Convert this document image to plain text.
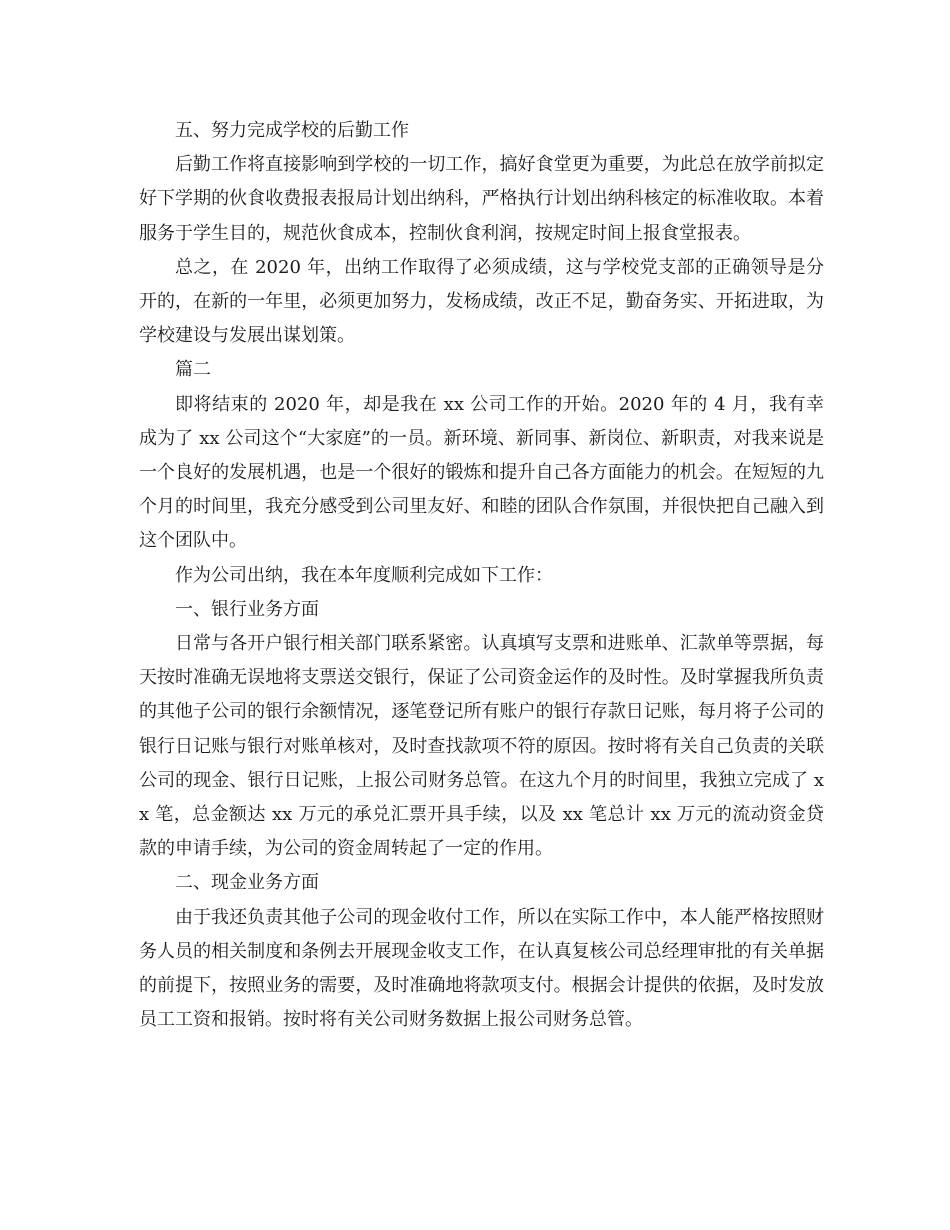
五、努力完成学校的后勤工作

后勤工作将直接影响到学校的一切工作，搞好食堂更为重要，为此总在放学前拟定好下学期的伙食收费报表报局计划出纳科，严格执行计划出纳科核定的标准收取。本着服务于学生目的，规范伙食成本，控制伙食利润，按规定时间上报食堂报表。

总之，在 2020 年，出纳工作取得了必须成绩，这与学校党支部的正确领导是分开的，在新的一年里，必须更加努力，发杨成绩，改正不足，勤奋务实、开拓进取，为学校建设与发展出谋划策。

篇二

即将结束的 2020 年，却是我在 xx 公司工作的开始。2020 年的 4 月，我有幸成为了 xx 公司这个“大家庭”的一员。新环境、新同事、新岗位、新职责，对我来说是一个良好的发展机遇，也是一个很好的锻炼和提升自己各方面能力的机会。在短短的九个月的时间里，我充分感受到公司里友好、和睦的团队合作氛围，并很快把自己融入到这个团队中。

作为公司出纳，我在本年度顺利完成如下工作：

一、银行业务方面

日常与各开户银行相关部门联系紧密。认真填写支票和进账单、汇款单等票据，每天按时准确无误地将支票送交银行，保证了公司资金运作的及时性。及时掌握我所负责的其他子公司的银行余额情况，逐笔登记所有账户的银行存款日记账，每月将子公司的银行日记账与银行对账单核对，及时查找款项不符的原因。按时将有关自己负责的关联公司的现金、银行日记账，上报公司财务总管。在这九个月的时间里，我独立完成了 xx 笔，总金额达 xx 万元的承兑汇票开具手续，以及 xx 笔总计 xx 万元的流动资金贷款的申请手续，为公司的资金周转起了一定的作用。

二、现金业务方面

由于我还负责其他子公司的现金收付工作，所以在实际工作中，本人能严格按照财务人员的相关制度和条例去开展现金收支工作，在认真复核公司总经理审批的有关单据的前提下，按照业务的需要，及时准确地将款项支付。根据会计提供的依据，及时发放员工工资和报销。按时将有关公司财务数据上报公司财务总管。
